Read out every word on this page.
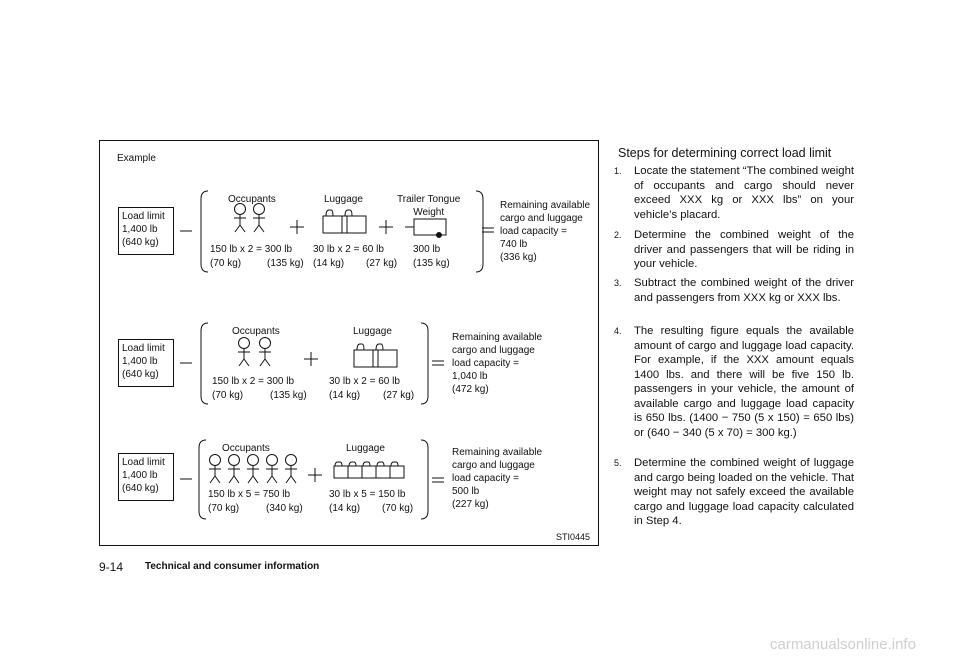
Example
Load limit
1,400 lb
(640 kg)
Occupants	Luggage	Trailer Tongue
Weight
150 lb x 2 = 300 lb
(70 kg)	(135 kg)
30 lb x 2 = 60 lb
(14 kg) (27 kg)
300 lb
(135 kg)
Remaining available
cargo and luggage
load capacity =
740 lb
(336 kg)
Load limit
1,400 lb
(640 kg)
Occupants	Luggage
150 lb x 2 = 300 lb
(70 kg)	(135 kg)
30 lb x 2 = 60 lb
(14 kg) (27 kg)
Remaining available
cargo and luggage
load capacity =
1,040 lb
(472 kg)
Load limit
1,400 lb
(640 kg)
Occupants	Luggage
150 lb x 5 = 750 lb
(70 kg)	(340 kg)
30 lb x 5 = 150 lb
(14 kg) (70 kg)
Remaining available
cargo and luggage
load capacity =
500 lb
(227 kg)
STI0445
Steps for determining correct load limit
1. Locate the statement “The combined weight of occupants and cargo should never exceed XXX kg or XXX lbs” on your vehicle’s placard.
2. Determine the combined weight of the driver and passengers that will be riding in your vehicle.
3. Subtract the combined weight of the driver and passengers from XXX kg or XXX lbs.
4. The resulting figure equals the available amount of cargo and luggage load capacity. For example, if the XXX amount equals 1400 lbs. and there will be five 150 lb. passengers in your vehicle, the amount of available cargo and luggage load capacity is 650 lbs. (1400 − 750 (5 x 150) = 650 lbs) or (640 − 340 (5 x 70) = 300 kg.)
5. Determine the combined weight of luggage and cargo being loaded on the vehicle. That weight may not safely exceed the available cargo and luggage load capacity calculated in Step 4.
9-14 Technical and consumer information
carmanualsonline.info
